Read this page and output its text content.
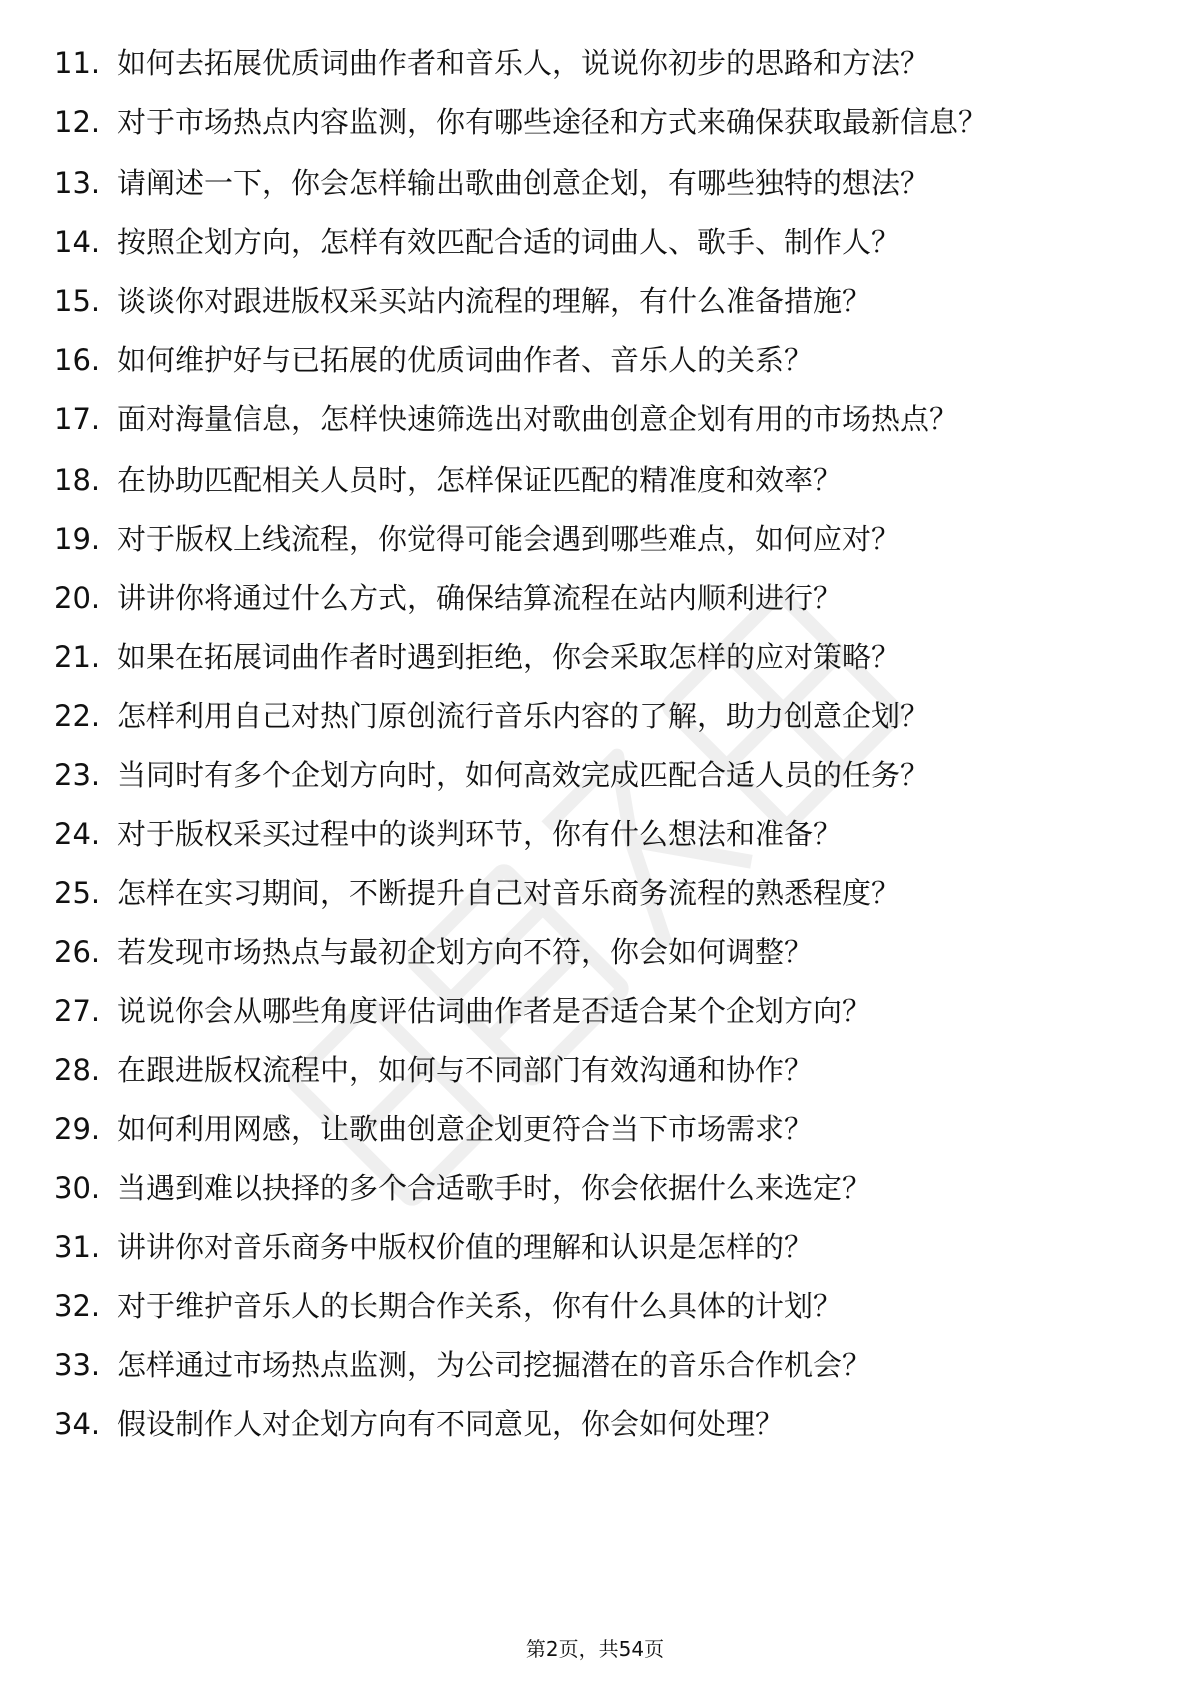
11. 如何去拓展优质词曲作者和音乐人，说说你初步的思路和方法？
12. 对于市场热点内容监测，你有哪些途径和方式来确保获取最新信息？
13. 请阐述一下，你会怎样输出歌曲创意企划，有哪些独特的想法？
14. 按照企划方向，怎样有效匹配合适的词曲人、歌手、制作人？
15. 谈谈你对跟进版权采买站内流程的理解，有什么准备措施？
16. 如何维护好与已拓展的优质词曲作者、音乐人的关系？
17. 面对海量信息，怎样快速筛选出对歌曲创意企划有用的市场热点？
18. 在协助匹配相关人员时，怎样保证匹配的精准度和效率？
19. 对于版权上线流程，你觉得可能会遇到哪些难点，如何应对？
20. 讲讲你将通过什么方式，确保结算流程在站内顺利进行？
21. 如果在拓展词曲作者时遇到拒绝，你会采取怎样的应对策略？
22. 怎样利用自己对热门原创流行音乐内容的了解，助力创意企划？
23. 当同时有多个企划方向时，如何高效完成匹配合适人员的任务？
24. 对于版权采买过程中的谈判环节，你有什么想法和准备？
25. 怎样在实习期间，不断提升自己对音乐商务流程的熟悉程度？
26. 若发现市场热点与最初企划方向不符，你会如何调整？
27. 说说你会从哪些角度评估词曲作者是否适合某个企划方向？
28. 在跟进版权流程中，如何与不同部门有效沟通和协作？
29. 如何利用网感，让歌曲创意企划更符合当下市场需求？
30. 当遇到难以抉择的多个合适歌手时，你会依据什么来选定？
31. 讲讲你对音乐商务中版权价值的理解和认识是怎样的？
32. 对于维护音乐人的长期合作关系，你有什么具体的计划？
33. 怎样通过市场热点监测，为公司挖掘潜在的音乐合作机会？
34. 假设制作人对企划方向有不同意见，你会如何处理？
第2页，共54页
